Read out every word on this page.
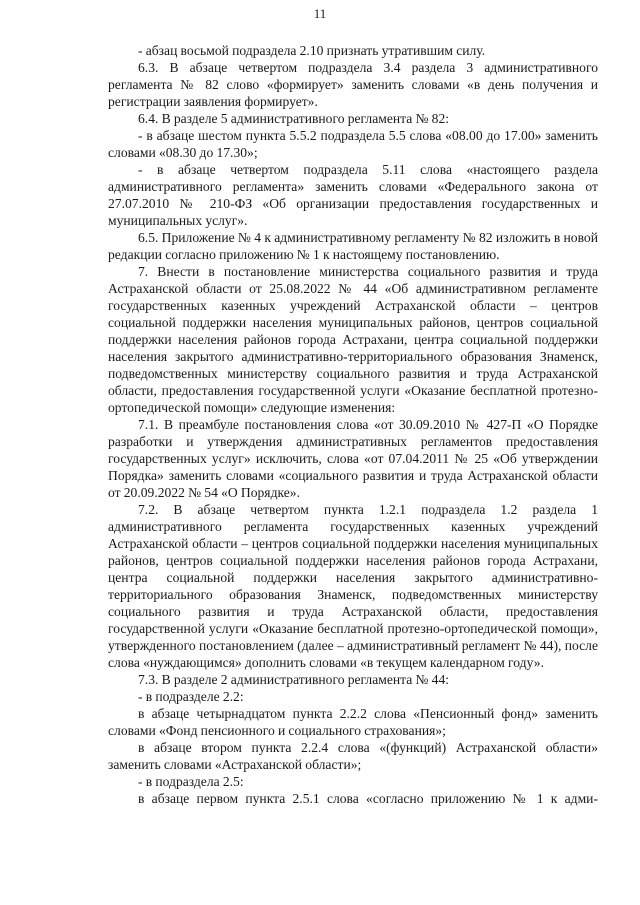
11

- абзац восьмой подраздела 2.10 признать утратившим силу.

6.3. В абзаце четвертом подраздела 3.4 раздела 3 административного регламента № 82 слово «формирует» заменить словами «в день получения и регистрации заявления формирует».

6.4. В разделе 5 административного регламента № 82:

- в абзаце шестом пункта 5.5.2 подраздела 5.5 слова «08.00 до 17.00» заменить словами «08.30 до 17.30»;

- в абзаце четвертом подраздела 5.11 слова «настоящего раздела административного регламента» заменить словами «Федерального закона от 27.07.2010 № 210-ФЗ «Об организации предоставления государственных и муниципальных услуг».

6.5. Приложение № 4 к административному регламенту № 82 изложить в новой редакции согласно приложению № 1 к настоящему постановлению.

7. Внести в постановление министерства социального развития и труда Астраханской области от 25.08.2022 № 44 «Об административном регламенте государственных казенных учреждений Астраханской области – центров социальной поддержки населения муниципальных районов, центров социальной поддержки населения районов города Астрахани, центра социальной поддержки населения закрытого административно-территориального образования Знаменск, подведомственных министерству социального развития и труда Астраханской области, предоставления государственной услуги «Оказание бесплатной протезно-ортопедической помощи» следующие изменения:

7.1. В преамбуле постановления слова «от 30.09.2010 № 427-П «О Порядке разработки и утверждения административных регламентов предоставления государственных услуг» исключить, слова «от 07.04.2011 № 25 «Об утверждении Порядка» заменить словами «социального развития и труда Астраханской области от 20.09.2022 № 54 «О Порядке».

7.2. В абзаце четвертом пункта 1.2.1 подраздела 1.2 раздела 1 административного регламента государственных казенных учреждений Астраханской области – центров социальной поддержки населения муниципальных районов, центров социальной поддержки населения районов города Астрахани, центра социальной поддержки населения закрытого административно-территориального образования Знаменск, подведомственных министерству социального развития и труда Астраханской области, предоставления государственной услуги «Оказание бесплатной протезно-ортопедической помощи», утвержденного постановлением (далее – административный регламент № 44), после слова «нуждающимся» дополнить словами «в текущем календарном году».

7.3. В разделе 2 административного регламента № 44:

- в подразделе 2.2:

в абзаце четырнадцатом пункта 2.2.2 слова «Пенсионный фонд» заменить словами «Фонд пенсионного и социального страхования»;

в абзаце втором пункта 2.2.4 слова «(функций) Астраханской области» заменить словами «Астраханской области»;

- в подраздела 2.5:

в абзаце первом пункта 2.5.1 слова «согласно приложению № 1 к адми-
